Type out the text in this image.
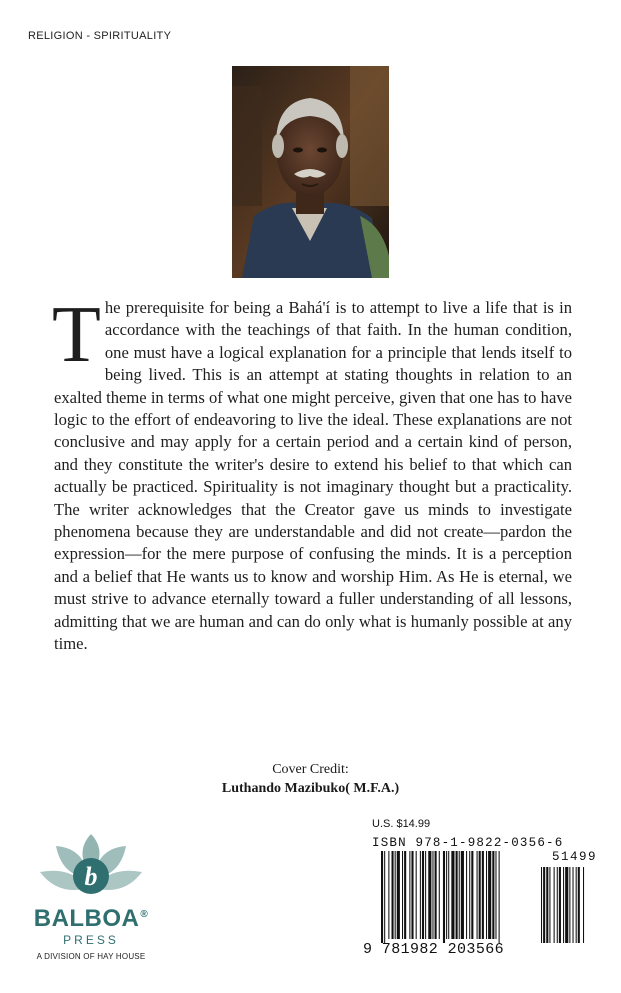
RELIGION - SPIRITUALITY

The prerequisite for being a Bahá'í is to attempt to live a life that is in accordance with the teachings of that faith. In the human condition, one must have a logical explanation for a principle that lends itself to being lived. This is an attempt at stating thoughts in relation to an exalted theme in terms of what one might perceive, given that one has to have logic to the effort of endeavoring to live the ideal. These explanations are not conclusive and may apply for a certain period and a certain kind of person, and they constitute the writer's desire to extend his belief to that which can actually be practiced. Spirituality is not imaginary thought but a practicality. The writer acknowledges that the Creator gave us minds to investigate phenomena because they are understandable and did not create—pardon the expression—for the mere purpose of confusing the minds. It is a perception and a belief that He wants us to know and worship Him. As He is eternal, we must strive to advance eternally toward a fuller understanding of all lessons, admitting that we are human and can do only what is humanly possible at any time.

Cover Credit:
Luthando Mazibuko( M.F.A.)
b
BALBOA®
PRESS
A DIVISION OF HAY HOUSE
U.S. $14.99
ISBN 978-1-9822-0356-6
51499
9 781982 203566
